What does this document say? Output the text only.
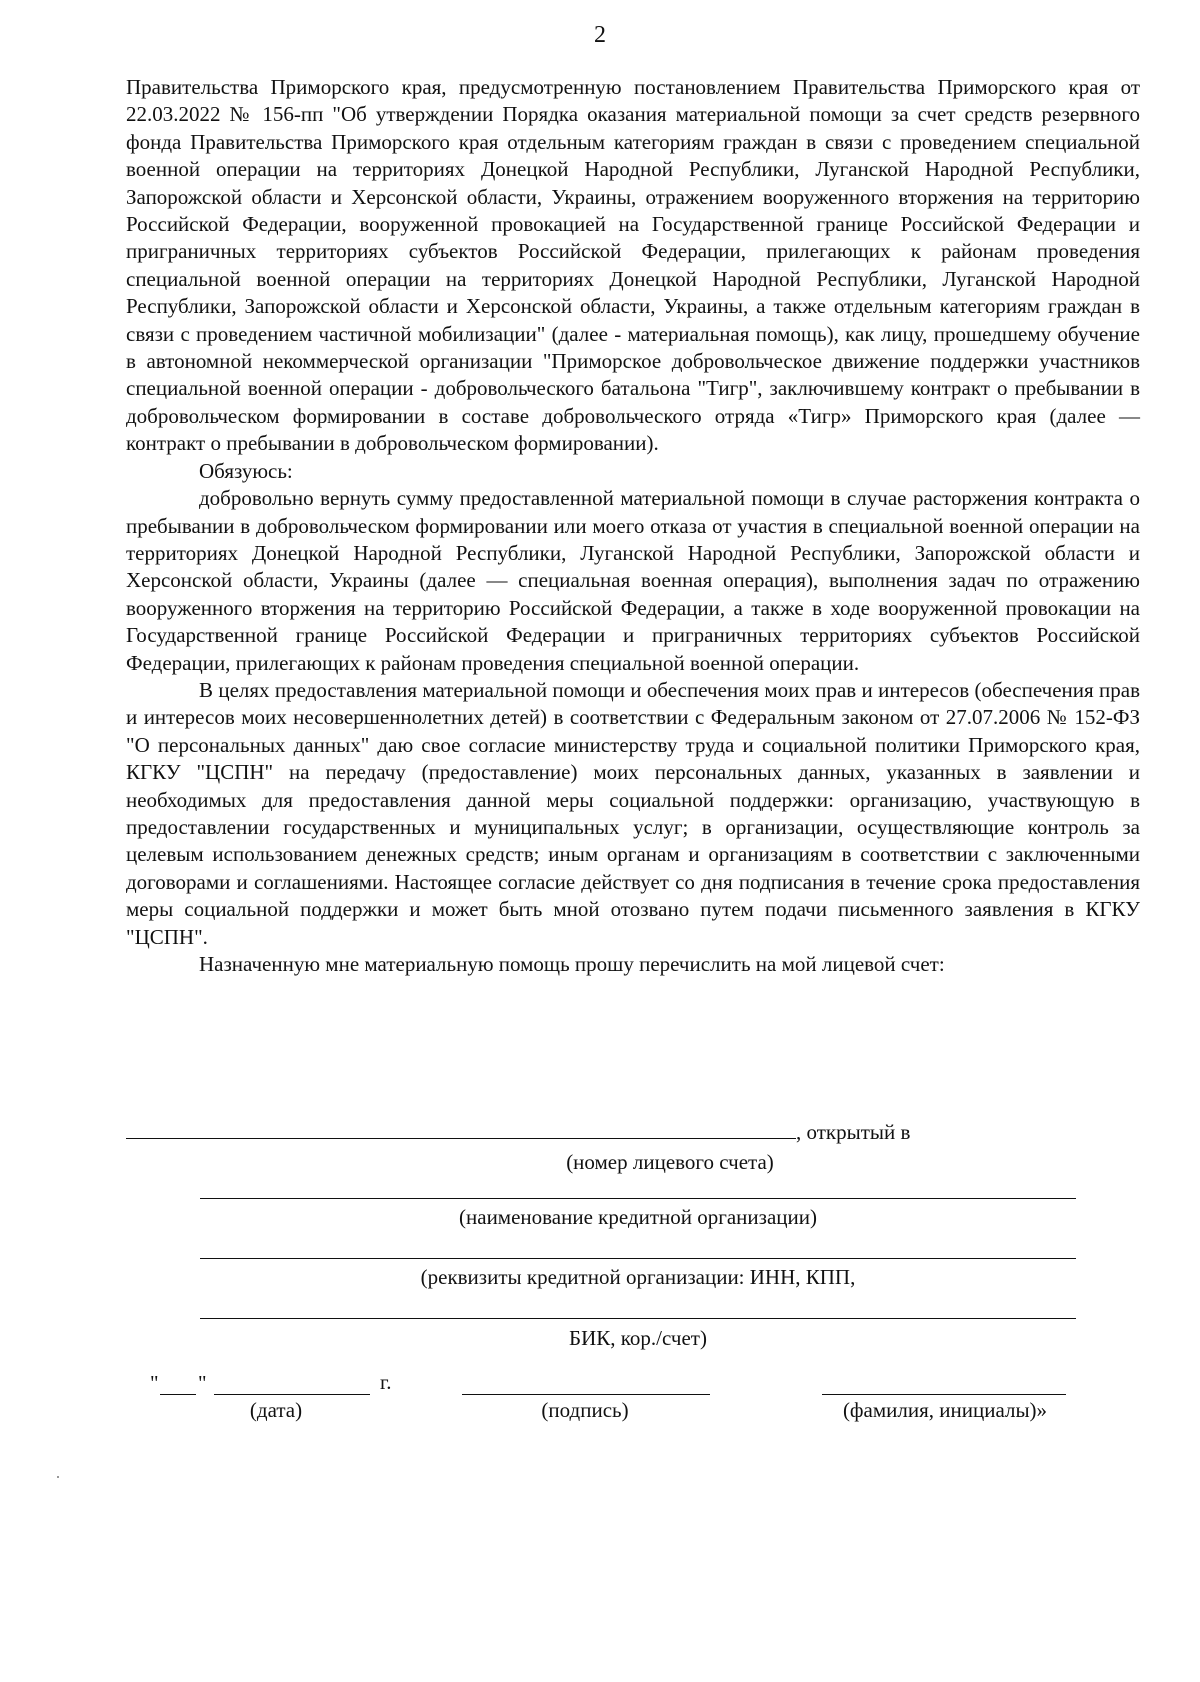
2

Правительства Приморского края, предусмотренную постановлением Правительства Приморского края от 22.03.2022 № 156-пп "Об утверждении Порядка оказания материальной помощи за счет средств резервного фонда Правительства Приморского края отдельным категориям граждан в связи с проведением специальной военной операции на территориях Донецкой Народной Республики, Луганской Народной Республики, Запорожской области и Херсонской области, Украины, отражением вооруженного вторжения на территорию Российской Федерации, вооруженной провокацией на Государственной границе Российской Федерации и приграничных территориях субъектов Российской Федерации, прилегающих к районам проведения специальной военной операции на территориях Донецкой Народной Республики, Луганской Народной Республики, Запорожской области и Херсонской области, Украины, а также отдельным категориям граждан в связи с проведением частичной мобилизации" (далее - материальная помощь), как лицу, прошедшему обучение в автономной некоммерческой организации "Приморское добровольческое движение поддержки участников специальной военной операции - добровольческого батальона "Тигр", заключившему контракт о пребывании в добровольческом формировании в составе добровольческого отряда «Тигр» Приморского края (далее — контракт о пребывании в добровольческом формировании).

Обязуюсь:

добровольно вернуть сумму предоставленной материальной помощи в случае расторжения контракта о пребывании в добровольческом формировании или моего отказа от участия в специальной военной операции на территориях Донецкой Народной Республики, Луганской Народной Республики, Запорожской области и Херсонской области, Украины (далее — специальная военная операция), выполнения задач по отражению вооруженного вторжения на территорию Российской Федерации, а также в ходе вооруженной провокации на Государственной границе Российской Федерации и приграничных территориях субъектов Российской Федерации, прилегающих к районам проведения специальной военной операции.

В целях предоставления материальной помощи и обеспечения моих прав и интересов (обеспечения прав и интересов моих несовершеннолетних детей) в соответствии с Федеральным законом от 27.07.2006 № 152-ФЗ "О персональных данных" даю свое согласие министерству труда и социальной политики Приморского края, КГКУ "ЦСПН" на передачу (предоставление) моих персональных данных, указанных в заявлении и необходимых для предоставления данной меры социальной поддержки: организацию, участвующую в предоставлении государственных и муниципальных услуг; в организации, осуществляющие контроль за целевым использованием денежных средств; иным органам и организациям в соответствии с заключенными договорами и соглашениями. Настоящее согласие действует со дня подписания в течение срока предоставления меры социальной поддержки и может быть мной отозвано путем подачи письменного заявления в КГКУ "ЦСПН".

Назначенную мне материальную помощь прошу перечислить на мой лицевой счет:

, открытый в
(номер лицевого счета)
(наименование кредитной организации)
(реквизиты кредитной организации: ИНН, КПП,
БИК, кор./счет)
" "	г.
(дата)	(подпись)	(фамилия, инициалы)»
